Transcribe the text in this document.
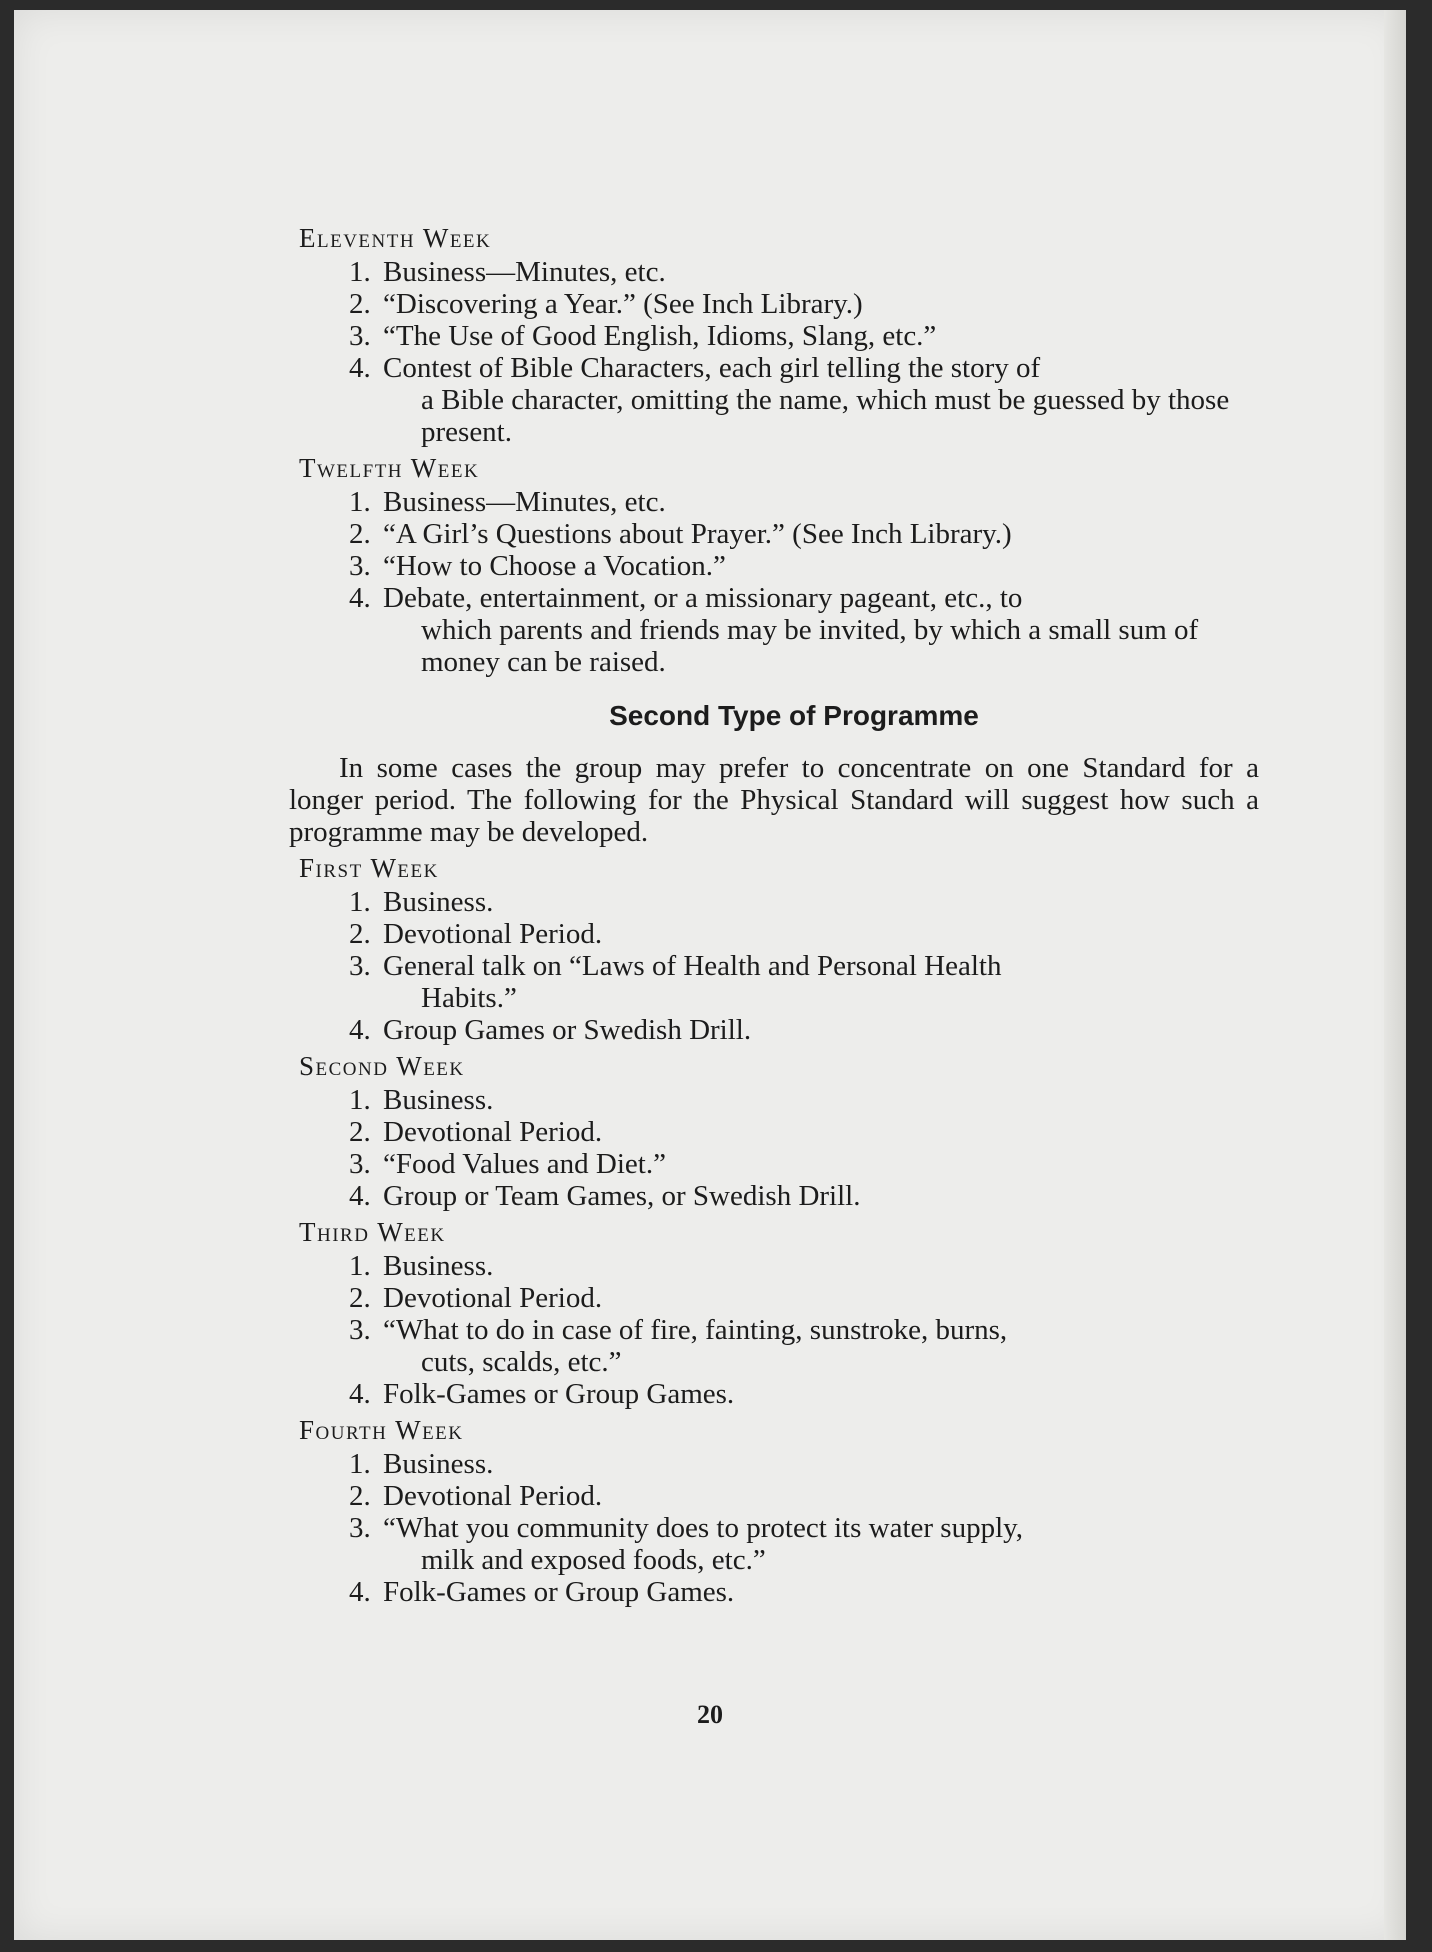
Eleventh Week
1. Business—Minutes, etc.
2. “Discovering a Year.” (See Inch Library.)
3. “The Use of Good English, Idioms, Slang, etc.”
4. Contest of Bible Characters, each girl telling the story of
a Bible character, omitting the name, which must be guessed by those present.
Twelfth Week
1. Business—Minutes, etc.
2. “A Girl’s Questions about Prayer.” (See Inch Library.)
3. “How to Choose a Vocation.”
4. Debate, entertainment, or a missionary pageant, etc., to
which parents and friends may be invited, by which a small sum of money can be raised.
Second Type of Programme

In some cases the group may prefer to concentrate on one Standard for a longer period. The following for the Physical Standard will suggest how such a programme may be developed.

First Week
1. Business.
2. Devotional Period.
3. General talk on “Laws of Health and Personal Health
Habits.”
4. Group Games or Swedish Drill.
Second Week
1. Business.
2. Devotional Period.
3. “Food Values and Diet.”
4. Group or Team Games, or Swedish Drill.
Third Week
1. Business.
2. Devotional Period.
3. “What to do in case of fire, fainting, sunstroke, burns,
cuts, scalds, etc.”
4. Folk-Games or Group Games.
Fourth Week
1. Business.
2. Devotional Period.
3. “What you community does to protect its water supply,
milk and exposed foods, etc.”
4. Folk-Games or Group Games.
20
